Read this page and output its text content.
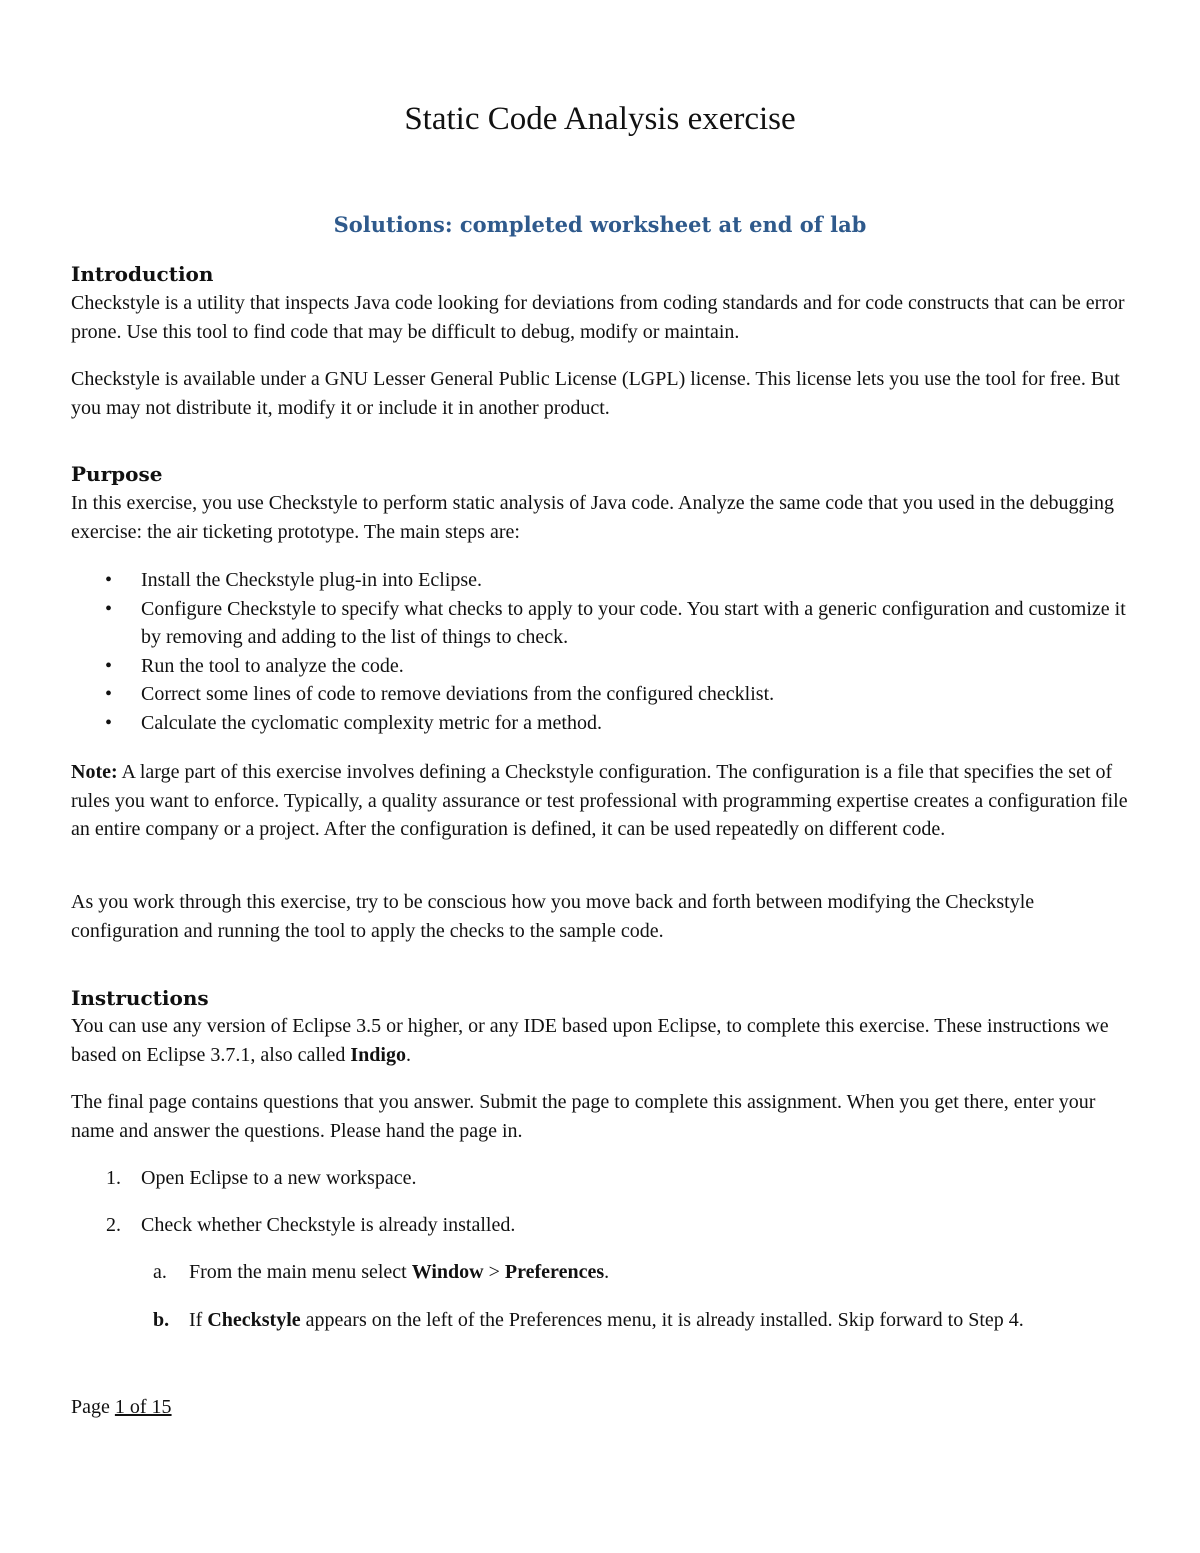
Static Code Analysis exercise
Solutions: completed worksheet at end of lab
Introduction

Checkstyle is a utility that inspects Java code looking for deviations from coding standards and for code constructs that can be error prone. Use this tool to find code that may be difficult to debug, modify or maintain.

Checkstyle is available under a GNU Lesser General Public License (LGPL) license. This license lets you use the tool for free. But you may not distribute it, modify it or include it in another product.

Purpose

In this exercise, you use Checkstyle to perform static analysis of Java code. Analyze the same code that you used in the debugging exercise: the air ticketing prototype. The main steps are:

• Install the Checkstyle plug-in into Eclipse.
• Configure Checkstyle to specify what checks to apply to your code. You start with a generic configuration and customize it by removing and adding to the list of things to check.
• Run the tool to analyze the code.
• Correct some lines of code to remove deviations from the configured checklist.
• Calculate the cyclomatic complexity metric for a method.

Note: A large part of this exercise involves defining a Checkstyle configuration. The configuration is a file that specifies the set of rules you want to enforce. Typically, a quality assurance or test professional with programming expertise creates a configuration file an entire company or a project. After the configuration is defined, it can be used repeatedly on different code.

As you work through this exercise, try to be conscious how you move back and forth between modifying the Checkstyle configuration and running the tool to apply the checks to the sample code.

Instructions

You can use any version of Eclipse 3.5 or higher, or any IDE based upon Eclipse, to complete this exercise. These instructions we based on Eclipse 3.7.1, also called Indigo.

The final page contains questions that you answer. Submit the page to complete this assignment. When you get there, enter your name and answer the questions. Please hand the page in.

1.	Open Eclipse to a new workspace.
2.	Check whether Checkstyle is already installed.
a.	From the main menu select Window > Preferences.
b. If Checkstyle appears on the left of the Preferences menu, it is already installed. Skip forward to Step 4.

Page 1 of 15
